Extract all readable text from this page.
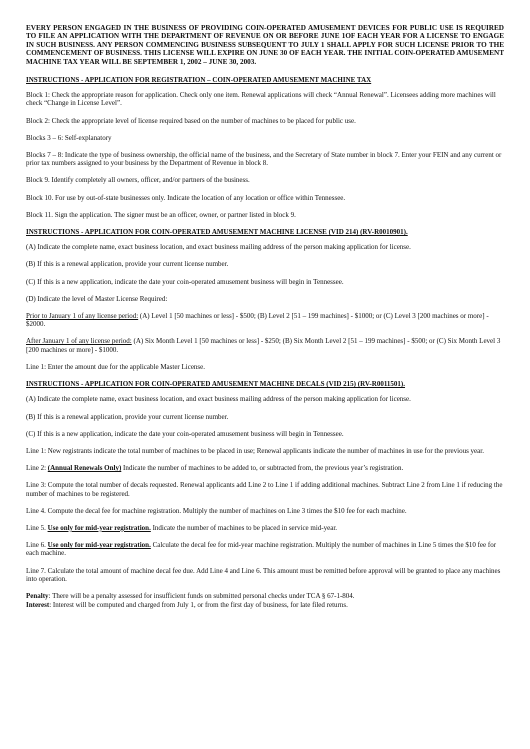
EVERY PERSON ENGAGED IN THE BUSINESS OF PROVIDING COIN-OPERATED AMUSEMENT DEVICES FOR PUBLIC USE IS REQUIRED TO FILE AN APPLICATION WITH THE DEPARTMENT OF REVENUE ON OR BEFORE JUNE 1OF EACH YEAR FOR A LICENSE TO ENGAGE IN SUCH BUSINESS. ANY PERSON COMMENCING BUSINESS SUBSEQUENT TO JULY 1 SHALL APPLY FOR SUCH LICENSE PRIOR TO THE COMMENCEMENT OF BUSINESS. THIS LICENSE WILL EXPIRE ON JUNE 30 OF EACH YEAR. THE INITIAL COIN-OPERATED AMUSEMENT MACHINE TAX YEAR WILL BE SEPTEMBER 1, 2002 – JUNE 30, 2003.
INSTRUCTIONS - APPLICATION FOR REGISTRATION – COIN-OPERATED AMUSEMENT MACHINE TAX

Block 1: Check the appropriate reason for application. Check only one item. Renewal applications will check “Annual Renewal”. Licensees adding more machines will check “Change in License Level”.

Block 2: Check the appropriate level of license required based on the number of machines to be placed for public use.

Blocks 3 – 6: Self-explanatory

Blocks 7 – 8: Indicate the type of business ownership, the official name of the business, and the Secretary of State number in block 7. Enter your FEIN and any current or prior tax numbers assigned to your business by the Department of Revenue in block 8.

Block 9. Identify completely all owners, officer, and/or partners of the business.

Block 10. For use by out-of-state businesses only. Indicate the location of any location or office within Tennessee.

Block 11. Sign the application. The signer must be an officer, owner, or partner listed in block 9.

INSTRUCTIONS - APPLICATION FOR COIN-OPERATED AMUSEMENT MACHINE LICENSE (VID 214) (RV-R0010901).

(A) Indicate the complete name, exact business location, and exact business mailing address of the person making application for license.

(B) If this is a renewal application, provide your current license number.

(C) If this is a new application, indicate the date your coin-operated amusement business will begin in Tennessee.

(D) Indicate the level of Master License Required:

Prior to January 1 of any license period: (A) Level 1 [50 machines or less] - $500; (B) Level 2 [51 – 199 machines] - $1000; or (C) Level 3 [200 machines or more] - $2000.

After January 1 of any license period: (A) Six Month Level 1 [50 machines or less] - $250; (B) Six Month Level 2 [51 – 199 machines] - $500; or (C) Six Month Level 3 [200 machines or more] - $1000.

Line 1: Enter the amount due for the applicable Master License.

INSTRUCTIONS - APPLICATION FOR COIN-OPERATED AMUSEMENT MACHINE DECALS (VID 215) (RV-R0011501).

(A) Indicate the complete name, exact business location, and exact business mailing address of the person making application for license.

(B) If this is a renewal application, provide your current license number.

(C) If this is a new application, indicate the date your coin-operated amusement business will begin in Tennessee.

Line 1: New registrants indicate the total number of machines to be placed in use; Renewal applicants indicate the number of machines in use for the previous year.

Line 2: (Annual Renewals Only) Indicate the number of machines to be added to, or subtracted from, the previous year’s registration.

Line 3: Compute the total number of decals requested. Renewal applicants add Line 2 to Line 1 if adding additional machines. Subtract Line 2 from Line 1 if reducing the number of machines to be registered.

Line 4. Compute the decal fee for machine registration. Multiply the number of machines on Line 3 times the $10 fee for each machine.

Line 5. Use only for mid-year registration. Indicate the number of machines to be placed in service mid-year.

Line 6. Use only for mid-year registration. Calculate the decal fee for mid-year machine registration. Multiply the number of machines in Line 5 times the $10 fee for each machine.

Line 7. Calculate the total amount of machine decal fee due. Add Line 4 and Line 6. This amount must be remitted before approval will be granted to place any machines into operation.

Penalty: There will be a penalty assessed for insufficient funds on submitted personal checks under TCA § 67-1-804.

Interest: Interest will be computed and charged from July 1, or from the first day of business, for late filed returns.
